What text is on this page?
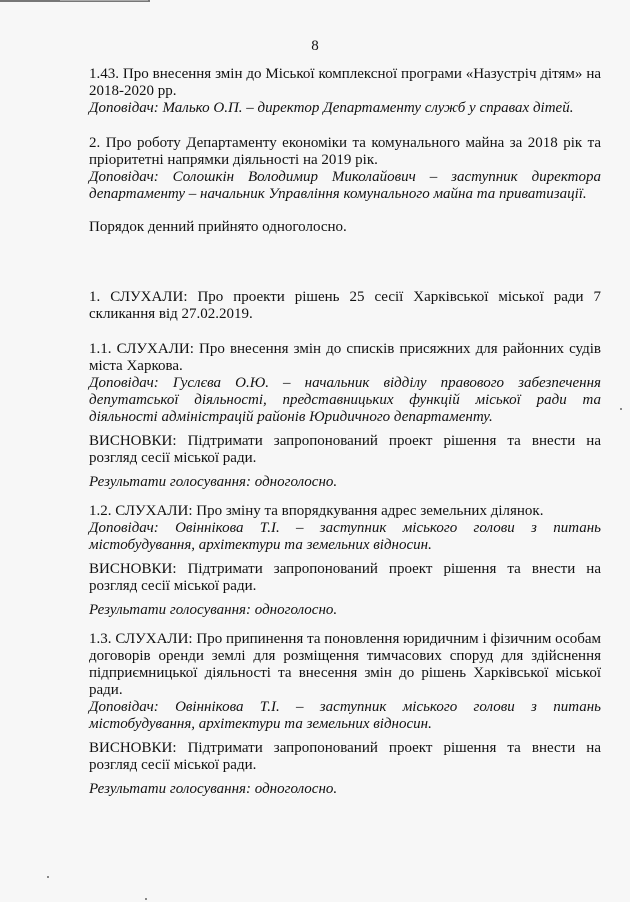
8

1.43. Про внесення змін до Міської комплексної програми «Назустріч дітям» на 2018-2020 рр.

Доповідач: Малько О.П. – директор Департаменту служб у справах дітей.

2. Про роботу Департаменту економіки та комунального майна за 2018 рік та пріоритетні напрямки діяльності на 2019 рік.

Доповідач: Солошкін Володимир Миколайович – заступник директора департаменту – начальник Управління комунального майна та приватизації.

Порядок денний прийнято одноголосно.
1. СЛУХАЛИ: Про проекти рішень 25 сесії Харківської міської ради 7 скликання від 27.02.2019.

1.1. СЛУХАЛИ: Про внесення змін до списків присяжних для районних судів міста Харкова.

Доповідач: Гуслєва О.Ю. – начальник відділу правового забезпечення депутатської діяльності, представницьких функцій міської ради та діяльності адміністрацій районів Юридичного департаменту.

ВИСНОВКИ: Підтримати запропонований проект рішення та внести на розгляд сесії міської ради.

Результати голосування: одноголосно.

1.2. СЛУХАЛИ: Про зміну та впорядкування адрес земельних ділянок.

Доповідач: Овіннікова Т.І. – заступник міського голови з питань містобудування, архітектури та земельних відносин.

ВИСНОВКИ: Підтримати запропонований проект рішення та внести на розгляд сесії міської ради.

Результати голосування: одноголосно.

1.3. СЛУХАЛИ: Про припинення та поновлення юридичним і фізичним особам договорів оренди землі для розміщення тимчасових споруд для здійснення підприємницької діяльності та внесення змін до рішень Харківської міської ради.

Доповідач: Овіннікова Т.І. – заступник міського голови з питань містобудування, архітектури та земельних відносин.

ВИСНОВКИ: Підтримати запропонований проект рішення та внести на розгляд сесії міської ради.

Результати голосування: одноголосно.
